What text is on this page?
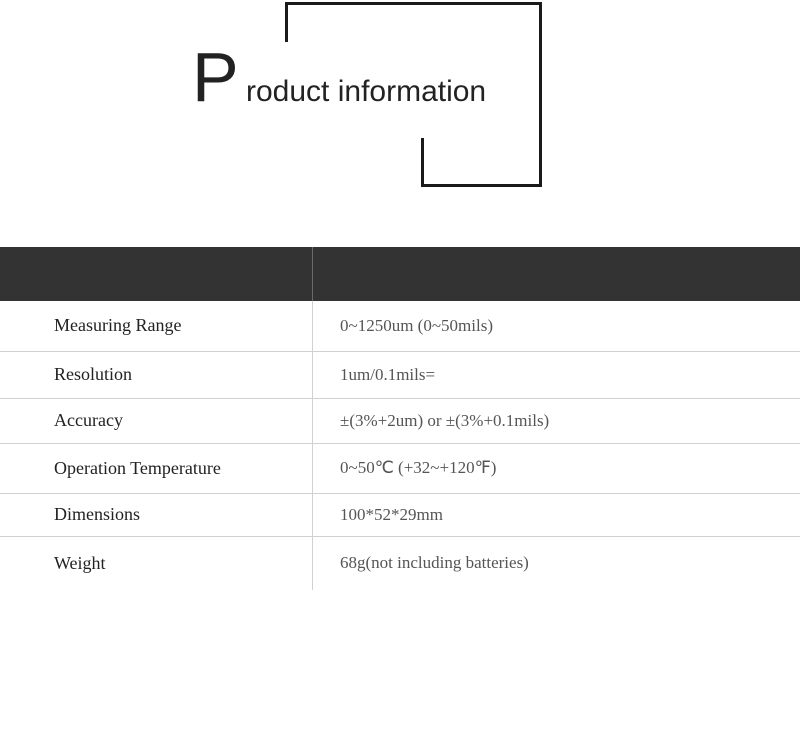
P roduct information

Measuring Range	0~1250um (0~50mils)
Resolution	1um/0.1mils=
Accuracy	±(3%+2um) or ±(3%+0.1mils)
Operation Temperature	0~50℃ (+32~+120℉)
Dimensions	100*52*29mm
Weight	68g(not including batteries)
